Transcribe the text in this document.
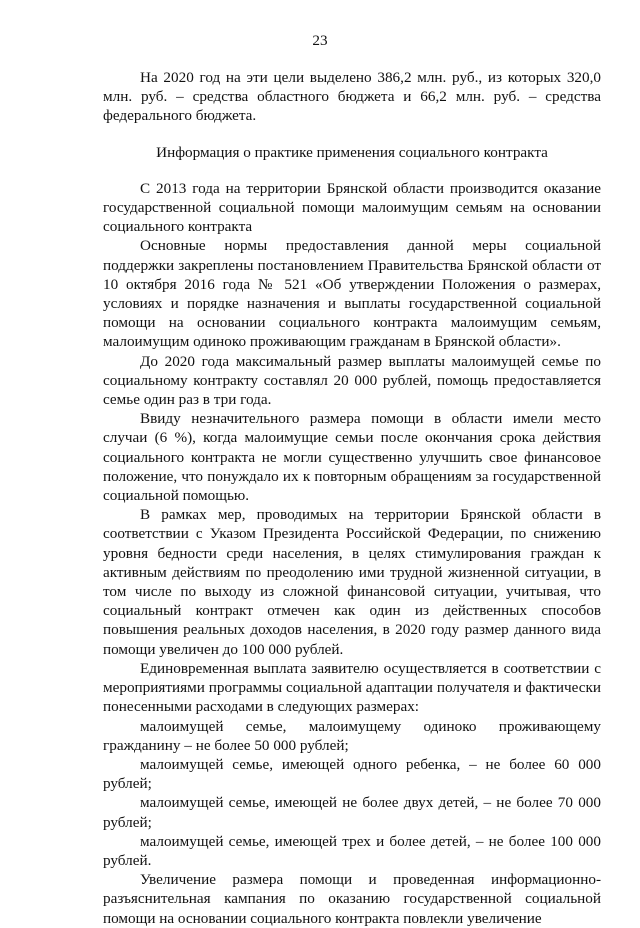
23

На 2020 год на эти цели выделено 386,2 млн. руб., из которых 320,0 млн. руб. – средства областного бюджета и 66,2 млн. руб. – средства федерального бюджета.

Информация о практике применения социального контракта

С 2013 года на территории Брянской области производится оказание государственной социальной помощи малоимущим семьям на основании социального контракта

Основные нормы предоставления данной меры социальной поддержки закреплены постановлением Правительства Брянской области от 10 октября 2016 года № 521 «Об утверждении Положения о размерах, условиях и порядке назначения и выплаты государственной социальной помощи на основании социального контракта малоимущим семьям, малоимущим одиноко проживающим гражданам в Брянской области».

До 2020 года максимальный размер выплаты малоимущей семье по социальному контракту составлял 20 000 рублей, помощь предоставляется семье один раз в три года.

Ввиду незначительного размера помощи в области имели место случаи (6 %), когда малоимущие семьи после окончания срока действия социального контракта не могли существенно улучшить свое финансовое положение, что понуждало их к повторным обращениям за государственной социальной помощью.

В рамках мер, проводимых на территории Брянской области в соответствии с Указом Президента Российской Федерации, по снижению уровня бедности среди населения, в целях стимулирования граждан к активным действиям по преодолению ими трудной жизненной ситуации, в том числе по выходу из сложной финансовой ситуации, учитывая, что социальный контракт отмечен как один из действенных способов повышения реальных доходов населения, в 2020 году размер данного вида помощи увеличен до 100 000 рублей.

Единовременная выплата заявителю осуществляется в соответствии с мероприятиями программы социальной адаптации получателя и фактически понесенными расходами в следующих размерах:

малоимущей семье, малоимущему одиноко проживающему гражданину – не более 50 000 рублей;

малоимущей семье, имеющей одного ребенка, – не более 60 000 рублей;

малоимущей семье, имеющей не более двух детей, – не более 70 000 рублей;

малоимущей семье, имеющей трех и более детей, – не более 100 000 рублей.

Увеличение размера помощи и проведенная информационно-разъяснительная кампания по оказанию государственной социальной помощи на основании социального контракта повлекли увеличение
